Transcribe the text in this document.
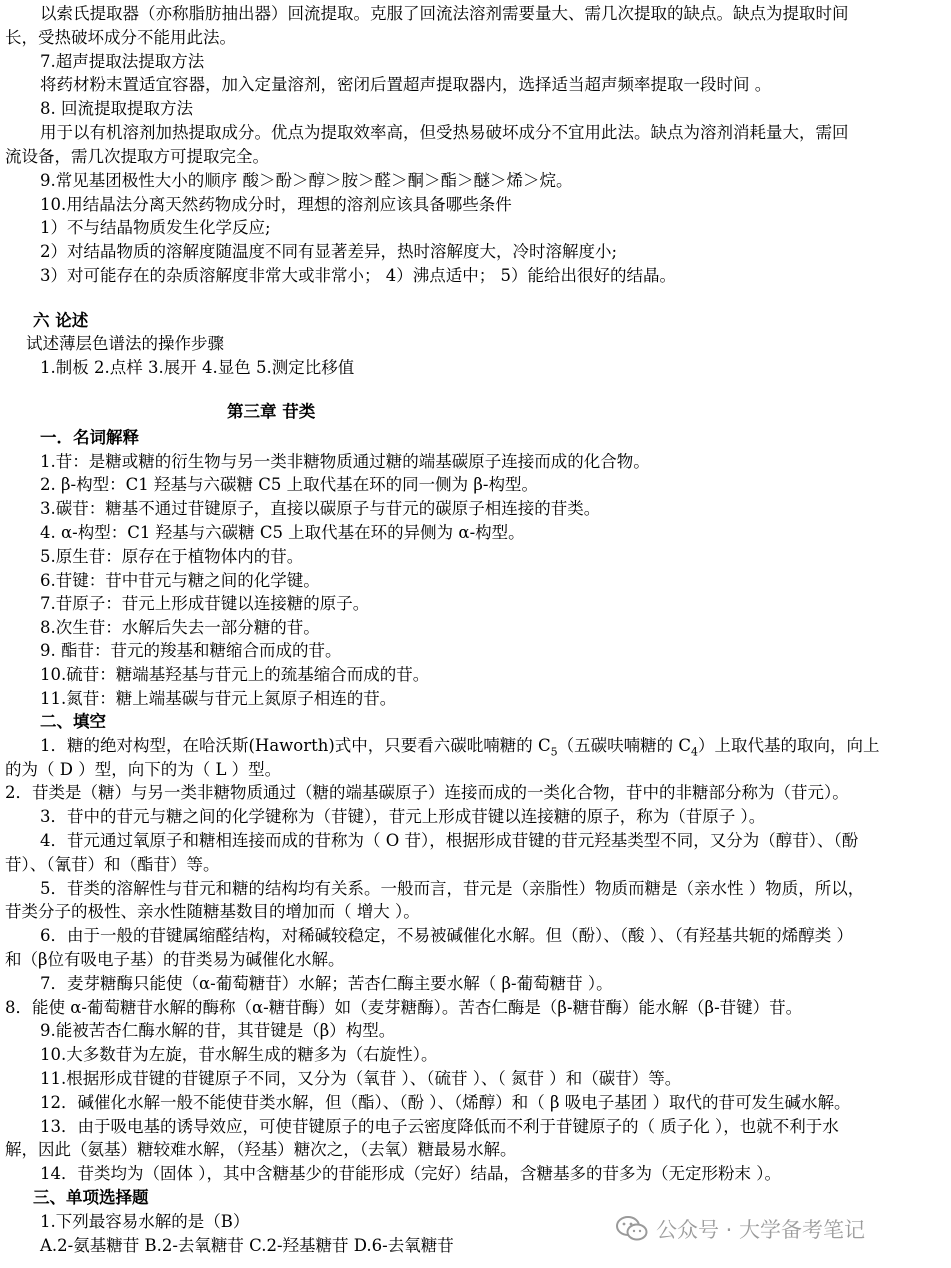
以索氏提取器（亦称脂肪抽出器）回流提取。克服了回流法溶剂需要量大、需几次提取的缺点。缺点为提取时间
长，受热破坏成分不能用此法。
7.超声提取法提取方法
将药材粉末置适宜容器，加入定量溶剂，密闭后置超声提取器内，选择适当超声频率提取一段时间 。
8. 回流提取提取方法
用于以有机溶剂加热提取成分。优点为提取效率高，但受热易破坏成分不宜用此法。缺点为溶剂消耗量大，需回
流设备，需几次提取方可提取完全。
9.常见基团极性大小的顺序 酸＞酚＞醇＞胺＞醛＞酮＞酯＞醚＞烯＞烷。
10.用结晶法分离天然药物成分时，理想的溶剂应该具备哪些条件
1）不与结晶物质发生化学反应;
2）对结晶物质的溶解度随温度不同有显著差异，热时溶解度大，冷时溶解度小;
3）对可能存在的杂质溶解度非常大或非常小； 4）沸点适中； 5）能给出很好的结晶。
六 论述
试述薄层色谱法的操作步骤
1.制板 2.点样 3.展开 4.显色 5.测定比移值
第三章 苷类
一．名词解释
1.苷：是糖或糖的衍生物与另一类非糖物质通过糖的端基碳原子连接而成的化合物。
2. β-构型：C1 羟基与六碳糖 C5 上取代基在环的同一侧为 β-构型。
3.碳苷：糖基不通过苷键原子，直接以碳原子与苷元的碳原子相连接的苷类。
4. α-构型：C1 羟基与六碳糖 C5 上取代基在环的异侧为 α-构型。
5.原生苷：原存在于植物体内的苷。
6.苷键：苷中苷元与糖之间的化学键。
7.苷原子：苷元上形成苷键以连接糖的原子。
8.次生苷：水解后失去一部分糖的苷。
9. 酯苷：苷元的羧基和糖缩合而成的苷。
10.硫苷：糖端基羟基与苷元上的巯基缩合而成的苷。
11.氮苷：糖上端基碳与苷元上氮原子相连的苷。
二、填空
1．糖的绝对构型，在哈沃斯(Haworth)式中，只要看六碳吡喃糖的 $C_5$（五碳呋喃糖的 $C_4$）上取代基的取向，向上
的为（ D ）型，向下的为（ L ）型。
2．苷类是（糖）与另一类非糖物质通过（糖的端基碳原子）连接而成的一类化合物，苷中的非糖部分称为（苷元）。
3．苷中的苷元与糖之间的化学键称为（苷键），苷元上形成苷键以连接糖的原子，称为（苷原子 ）。
4．苷元通过氧原子和糖相连接而成的苷称为（ O 苷），根据形成苷键的苷元羟基类型不同，又分为（醇苷）、（酚
苷）、（氰苷）和（酯苷）等。
5．苷类的溶解性与苷元和糖的结构均有关系。一般而言，苷元是（亲脂性）物质而糖是（亲水性 ）物质，所以，
苷类分子的极性、亲水性随糖基数目的增加而（ 增大 ）。
6．由于一般的苷键属缩醛结构，对稀碱较稳定，不易被碱催化水解。但（酚）、（酸 ）、（有羟基共轭的烯醇类 ）
和（β位有吸电子基）的苷类易为碱催化水解。
7．麦芽糖酶只能使（α-葡萄糖苷）水解；苦杏仁酶主要水解（ β-葡萄糖苷 ）。
8．能使 α-葡萄糖苷水解的酶称（α-糖苷酶）如（麦芽糖酶）。苦杏仁酶是（β-糖苷酶）能水解（β-苷键）苷。
9.能被苦杏仁酶水解的苷，其苷键是（β）构型。
10.大多数苷为左旋，苷水解生成的糖多为（右旋性）。
11.根据形成苷键的苷键原子不同，又分为（氧苷 ）、（硫苷 ）、（ 氮苷 ）和（碳苷）等。
12．碱催化水解一般不能使苷类水解，但（酯）、（酚 ）、（烯醇）和（ β 吸电子基团 ）取代的苷可发生碱水解。
13．由于吸电基的诱导效应，可使苷键原子的电子云密度降低而不利于苷键原子的（ 质子化 ），也就不利于水
解，因此（氨基）糖较难水解，（羟基）糖次之，（去氧）糖最易水解。
14．苷类均为（固体 ），其中含糖基少的苷能形成（完好）结晶，含糖基多的苷多为（无定形粉末 ）。
三、单项选择题
1.下列最容易水解的是（B）
A.2-氨基糖苷 B.2-去氧糖苷 C.2-羟基糖苷 D.6-去氧糖苷
公众号 · 大学备考笔记
